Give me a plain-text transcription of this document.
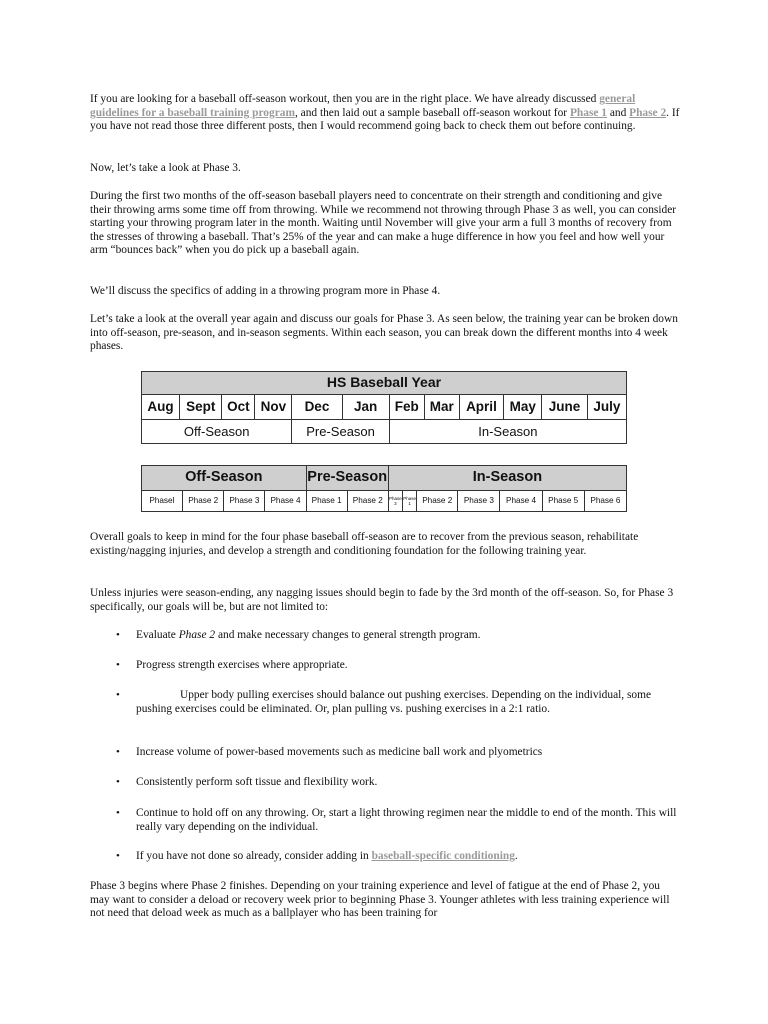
If you are looking for a baseball off-season workout, then you are in the right place. We have already discussed general guidelines for a baseball training program, and then laid out a sample baseball off-season workout for Phase 1 and Phase 2. If you have not read those three different posts, then I would recommend going back to check them out before continuing.

Now, let’s take a look at Phase 3.

During the first two months of the off-season baseball players need to concentrate on their strength and conditioning and give their throwing arms some time off from throwing. While we recommend not throwing through Phase 3 as well, you can consider starting your throwing program later in the month. Waiting until November will give your arm a full 3 months of recovery from the stresses of throwing a baseball. That’s 25% of the year and can make a huge difference in how you feel and how well your arm “bounces back” when you do pick up a baseball again.

We’ll discuss the specifics of adding in a throwing program more in Phase 4.

Let’s take a look at the overall year again and discuss our goals for Phase 3. As seen below, the training year can be broken down into off-season, pre-season, and in-season segments. Within each season, you can break down the different months into 4 week phases.

HS Baseball Year											
Aug	Sept	Oct	Nov	Dec	Jan	Feb	Mar	April	May	June	July
Off-Season				Pre-Season		In-Season					
Off-Season				Pre-Season		In-Season						
PhaseI	Phase 2	Phase 3	Phase 4	Phase 1	Phase 2	Phase 3	Phase 1	Phase 2	Phase 3	Phase 4	Phase 5	Phase 6

Overall goals to keep in mind for the four phase baseball off-season are to recover from the previous season, rehabilitate existing/nagging injuries, and develop a strength and conditioning foundation for the following training year.

Unless injuries were season-ending, any nagging issues should begin to fade by the 3rd month of the off-season. So, for Phase 3 specifically, our goals will be, but are not limited to:

•	Evaluate Phase 2 and make necessary changes to general strength program.

•	Progress strength exercises where appropriate.

•	Upper body pulling exercises should balance out pushing exercises. Depending on the individual, some pushing exercises could be eliminated. Or, plan pulling vs. pushing exercises in a 2:1 ratio.

•	Increase volume of power-based movements such as medicine ball work and plyometrics

•	Consistently perform soft tissue and flexibility work.

•	Continue to hold off on any throwing. Or, start a light throwing regimen near the middle to end of the month. This will really vary depending on the individual.

•	If you have not done so already, consider adding in baseball-specific conditioning.

Phase 3 begins where Phase 2 finishes. Depending on your training experience and level of fatigue at the end of Phase 2, you may want to consider a deload or recovery week prior to beginning Phase 3. Younger athletes with less training experience will not need that deload week as much as a ballplayer who has been training for
